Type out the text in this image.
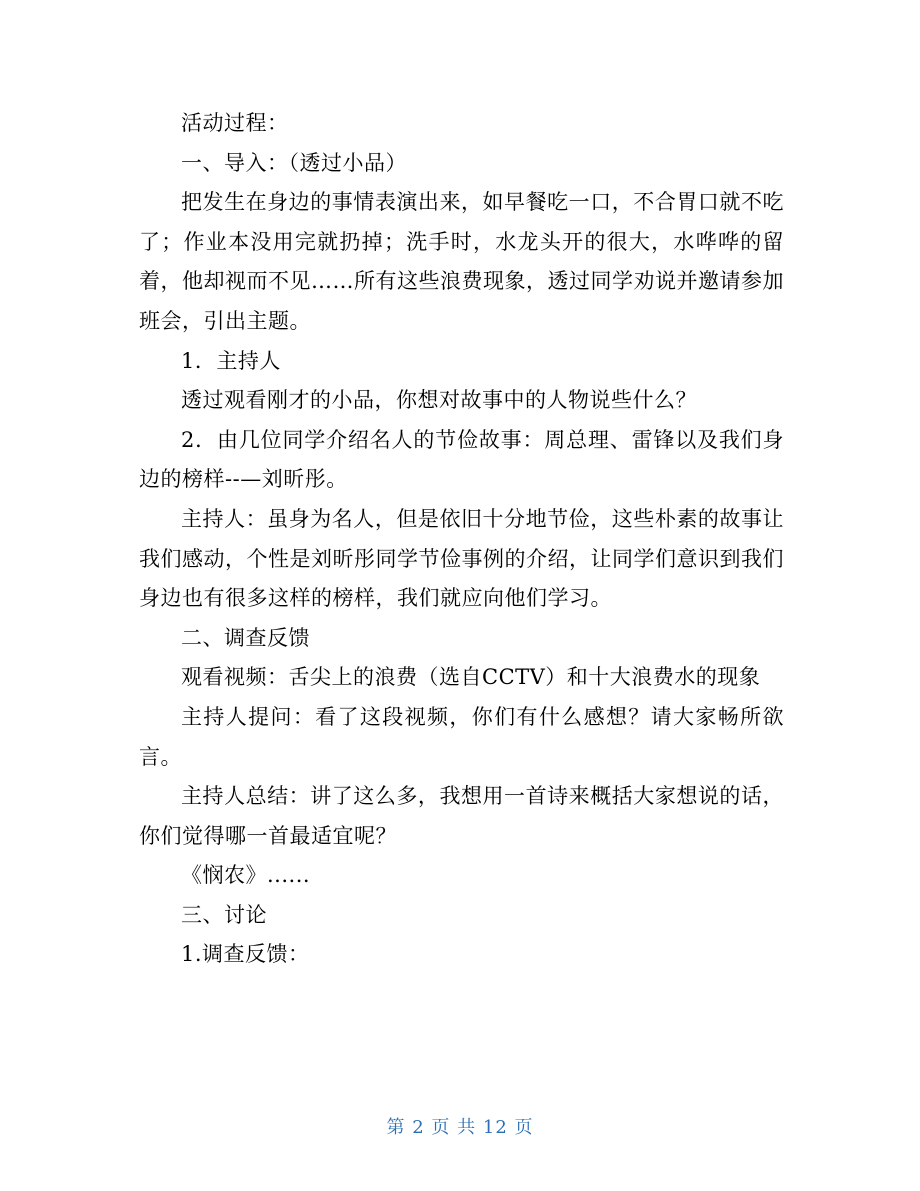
活动过程：

一、导入：（透过小品）

把发生在身边的事情表演出来，如早餐吃一口，不合胃口就不吃了；作业本没用完就扔掉；洗手时，水龙头开的很大，水哗哗的留着，他却视而不见……所有这些浪费现象，透过同学劝说并邀请参加班会，引出主题。

1．主持人

透过观看刚才的小品，你想对故事中的人物说些什么？

2．由几位同学介绍名人的节俭故事：周总理、雷锋以及我们身边的榜样--—刘昕彤。

主持人：虽身为名人，但是依旧十分地节俭，这些朴素的故事让我们感动，个性是刘昕彤同学节俭事例的介绍，让同学们意识到我们身边也有很多这样的榜样，我们就应向他们学习。

二、调查反馈

观看视频：舌尖上的浪费（选自CCTV）和十大浪费水的现象

主持人提问：看了这段视频，你们有什么感想？请大家畅所欲言。

主持人总结：讲了这么多，我想用一首诗来概括大家想说的话，你们觉得哪一首最适宜呢？

《悯农》......

三、讨论

1.调查反馈：

第 2 页 共 12 页
